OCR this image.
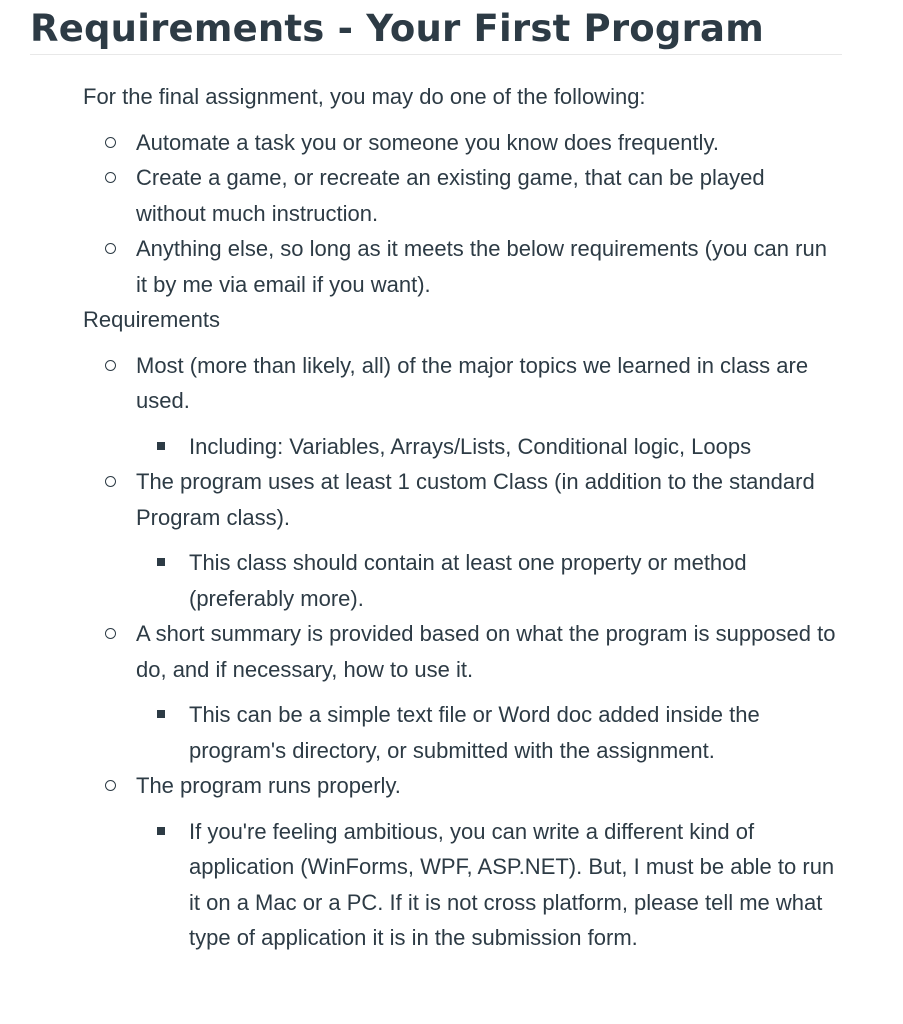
Requirements - Your First Program
For the final assignment, you may do one of the following:
Automate a task you or someone you know does frequently.
Create a game, or recreate an existing game, that can be played without much instruction.
Anything else, so long as it meets the below requirements (you can run it by me via email if you want).
Requirements
Most (more than likely, all) of the major topics we learned in class are used.
Including: Variables, Arrays/Lists, Conditional logic, Loops
The program uses at least 1 custom Class (in addition to the standard Program class).
This class should contain at least one property or method (preferably more).
A short summary is provided based on what the program is supposed to do, and if necessary, how to use it.
This can be a simple text file or Word doc added inside the program's directory, or submitted with the assignment.
The program runs properly.
If you're feeling ambitious, you can write a different kind of application (WinForms, WPF, ASP.NET). But, I must be able to run it on a Mac or a PC. If it is not cross platform, please tell me what type of application it is in the submission form.
